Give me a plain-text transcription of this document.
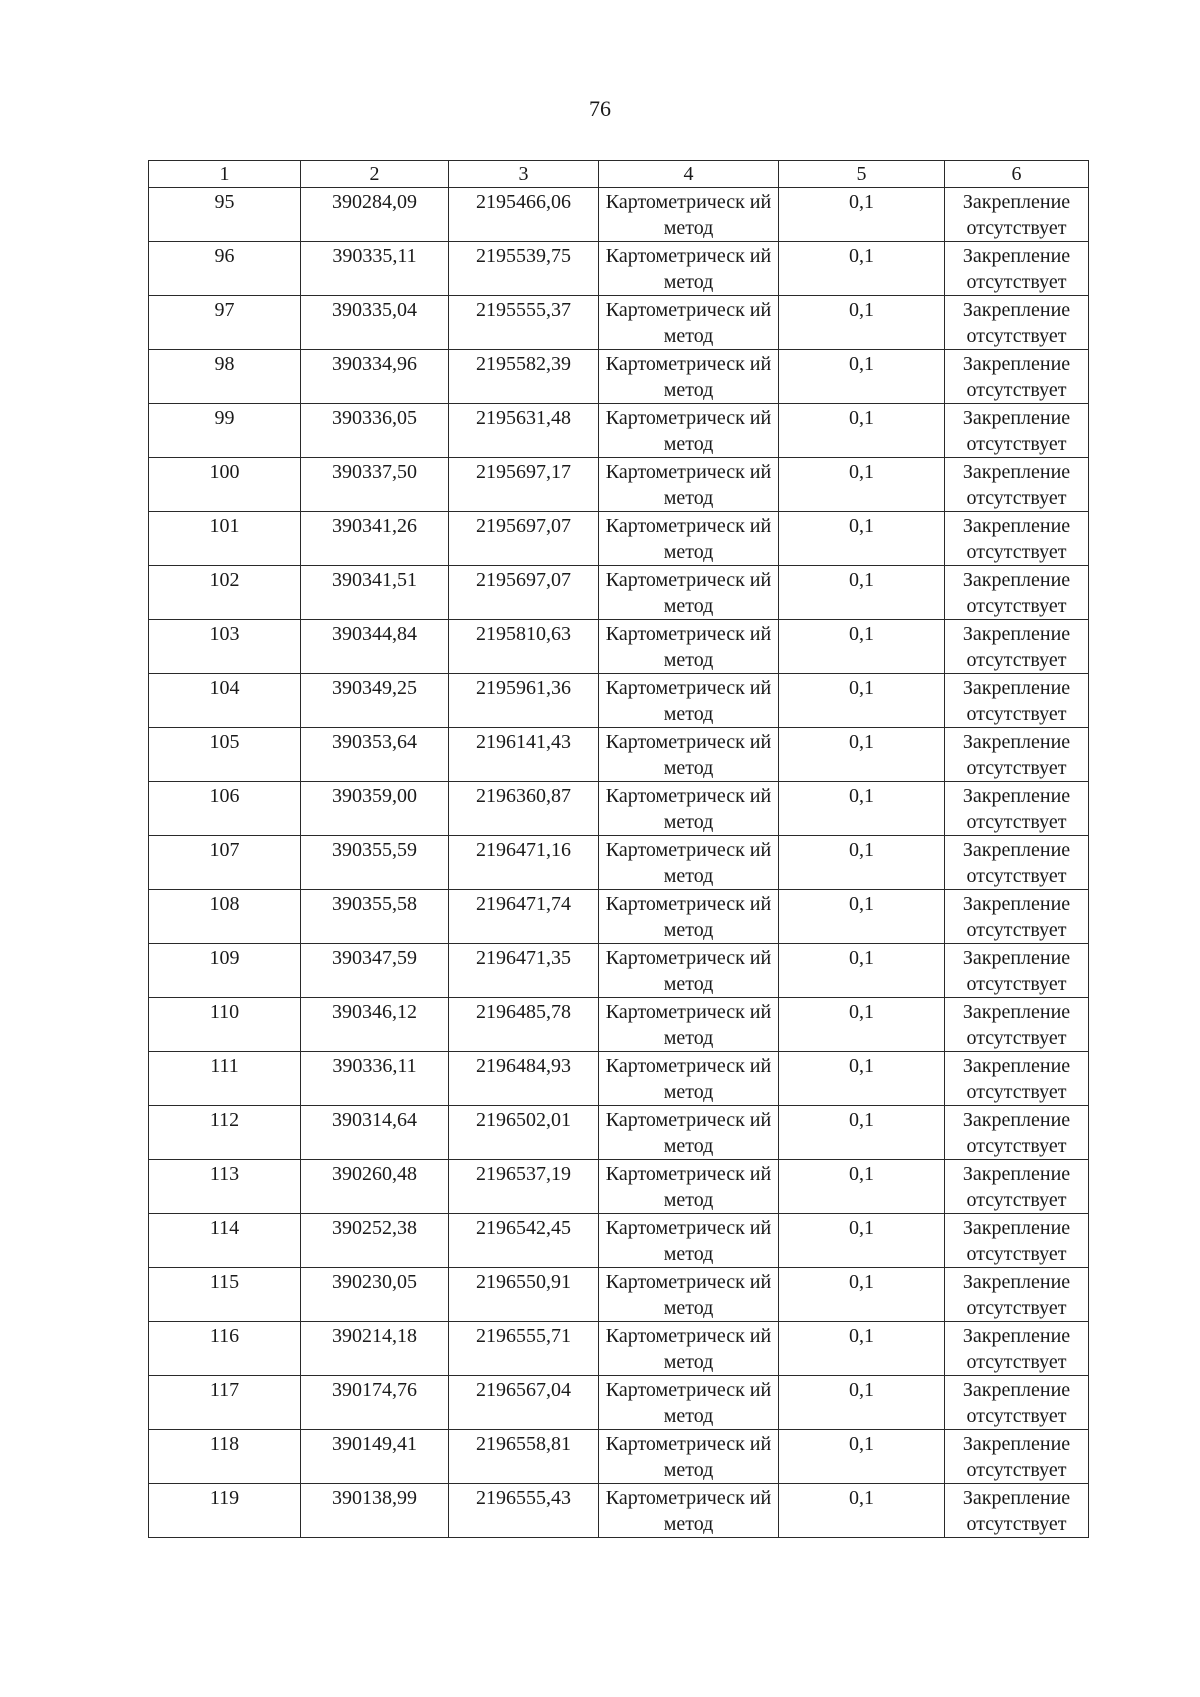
76
1	2	3	4	5	6
95	390284,09	2195466,06	Картометрическ ий метод	0,1	Закрепление отсутствует
96	390335,11	2195539,75	Картометрическ ий метод	0,1	Закрепление отсутствует
97	390335,04	2195555,37	Картометрическ ий метод	0,1	Закрепление отсутствует
98	390334,96	2195582,39	Картометрическ ий метод	0,1	Закрепление отсутствует
99	390336,05	2195631,48	Картометрическ ий метод	0,1	Закрепление отсутствует
100	390337,50	2195697,17	Картометрическ ий метод	0,1	Закрепление отсутствует
101	390341,26	2195697,07	Картометрическ ий метод	0,1	Закрепление отсутствует
102	390341,51	2195697,07	Картометрическ ий метод	0,1	Закрепление отсутствует
103	390344,84	2195810,63	Картометрическ ий метод	0,1	Закрепление отсутствует
104	390349,25	2195961,36	Картометрическ ий метод	0,1	Закрепление отсутствует
105	390353,64	2196141,43	Картометрическ ий метод	0,1	Закрепление отсутствует
106	390359,00	2196360,87	Картометрическ ий метод	0,1	Закрепление отсутствует
107	390355,59	2196471,16	Картометрическ ий метод	0,1	Закрепление отсутствует
108	390355,58	2196471,74	Картометрическ ий метод	0,1	Закрепление отсутствует
109	390347,59	2196471,35	Картометрическ ий метод	0,1	Закрепление отсутствует
110	390346,12	2196485,78	Картометрическ ий метод	0,1	Закрепление отсутствует
111	390336,11	2196484,93	Картометрическ ий метод	0,1	Закрепление отсутствует
112	390314,64	2196502,01	Картометрическ ий метод	0,1	Закрепление отсутствует
113	390260,48	2196537,19	Картометрическ ий метод	0,1	Закрепление отсутствует
114	390252,38	2196542,45	Картометрическ ий метод	0,1	Закрепление отсутствует
115	390230,05	2196550,91	Картометрическ ий метод	0,1	Закрепление отсутствует
116	390214,18	2196555,71	Картометрическ ий метод	0,1	Закрепление отсутствует
117	390174,76	2196567,04	Картометрическ ий метод	0,1	Закрепление отсутствует
118	390149,41	2196558,81	Картометрическ ий метод	0,1	Закрепление отсутствует
119	390138,99	2196555,43	Картометрическ ий метод	0,1	Закрепление отсутствует
